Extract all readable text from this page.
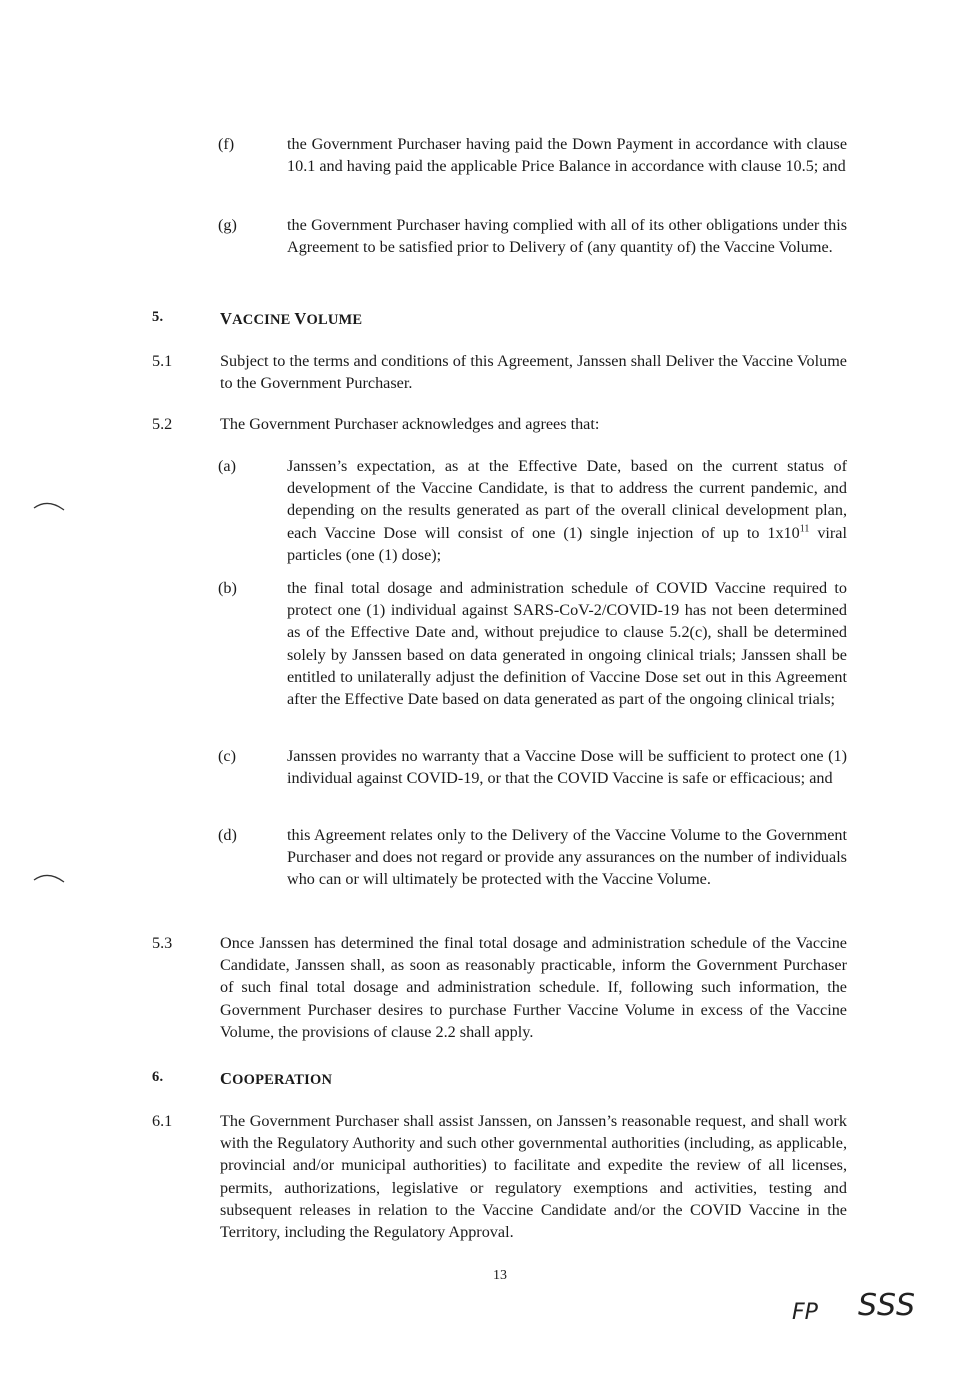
(f)	the Government Purchaser having paid the Down Payment in accordance with clause 10.1 and having paid the applicable Price Balance in accordance with clause 10.5; and
(g)	the Government Purchaser having complied with all of its other obligations under this Agreement to be satisfied prior to Delivery of (any quantity of) the Vaccine Volume.
5.	VACCINE VOLUME
5.1	Subject to the terms and conditions of this Agreement, Janssen shall Deliver the Vaccine Volume to the Government Purchaser.
5.2	The Government Purchaser acknowledges and agrees that:
(a)	Janssen’s expectation, as at the Effective Date, based on the current status of development of the Vaccine Candidate, is that to address the current pandemic, and depending on the results generated as part of the overall clinical development plan, each Vaccine Dose will consist of one (1) single injection of up to $1x10^{11}$ viral particles (one (1) dose);
(b)	the final total dosage and administration schedule of COVID Vaccine required to protect one (1) individual against SARS-CoV-2/COVID-19 has not been determined as of the Effective Date and, without prejudice to clause 5.2(c), shall be determined solely by Janssen based on data generated in ongoing clinical trials; Janssen shall be entitled to unilaterally adjust the definition of Vaccine Dose set out in this Agreement after the Effective Date based on data generated as part of the ongoing clinical trials;
(c)	Janssen provides no warranty that a Vaccine Dose will be sufficient to protect one (1) individual against COVID-19, or that the COVID Vaccine is safe or efficacious; and
(d)	this Agreement relates only to the Delivery of the Vaccine Volume to the Government Purchaser and does not regard or provide any assurances on the number of individuals who can or will ultimately be protected with the Vaccine Volume.
5.3	Once Janssen has determined the final total dosage and administration schedule of the Vaccine Candidate, Janssen shall, as soon as reasonably practicable, inform the Government Purchaser of such final total dosage and administration schedule. If, following such information, the Government Purchaser desires to purchase Further Vaccine Volume in excess of the Vaccine Volume, the provisions of clause 2.2 shall apply.
6.	COOPERATION
6.1	The Government Purchaser shall assist Janssen, on Janssen’s reasonable request, and shall work with the Regulatory Authority and such other governmental authorities (including, as applicable, provincial and/or municipal authorities) to facilitate and expedite the review of all licenses, permits, authorizations, legislative or regulatory exemptions and activities, testing and subsequent releases in relation to the Vaccine Candidate and/or the COVID Vaccine in the Territory, including the Regulatory Approval.
13
FP SSS
